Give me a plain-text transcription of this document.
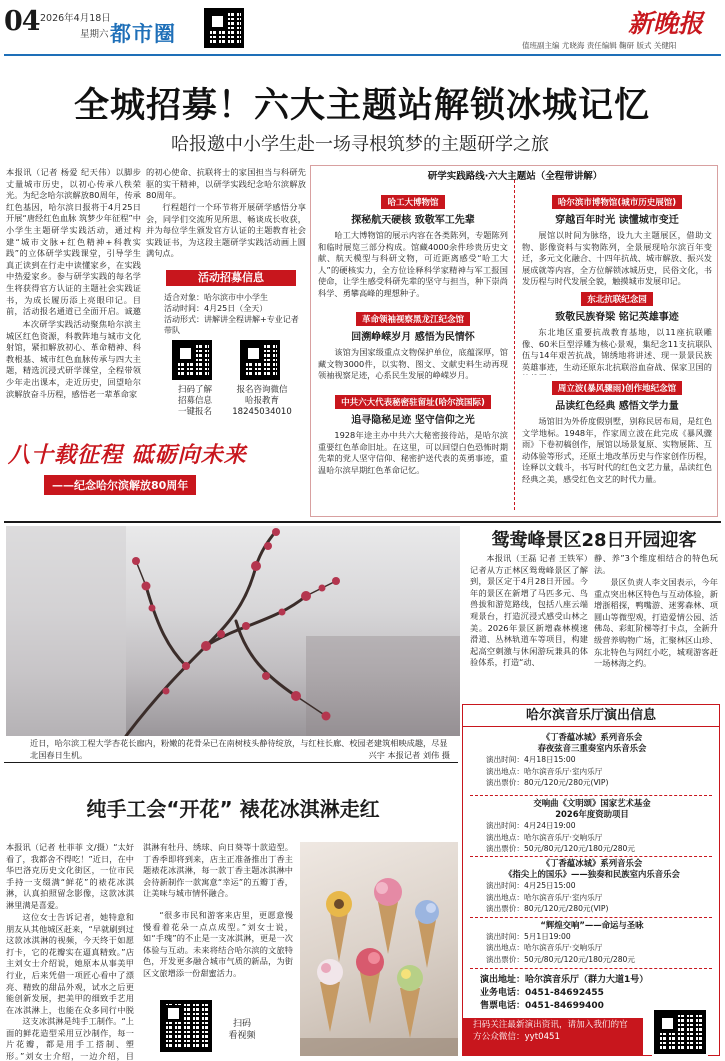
04 2026年4月18日
星期六 都市圈	新晚报
值班副主编 尤晓海 责任编辑 鞠研 版式 关健阳
全城招募！六大主题站解锁冰城记忆
哈报邀中小学生赴一场寻根筑梦的主题研学之旅
本报讯（记者 杨爱 纪天伟）以脚步丈量城市历史，以初心传承八秩荣光。为纪念哈尔滨解放80周年，传承红色基因，哈尔滨日报将于4月25日开展“唐经红色血脉 筑梦少年征程”中小学生主题研学实践活动，通过构建“城市文脉+红色精神+科教实践”的立体研学实践课堂，引导学生真正读到在行走中读懂家乡，在实践中热爱家乡。参与研学实践的每名学生将获得官方认证的主题社会实践证书，为成长履历添上亮眼印记。目前，活动报名通道已全面开启。诚邀
本次研学实践活动聚焦哈尔滨主城区红色资源，科教阵地与城市文化射馆，紧扣解放初心、革命精神、科教根基、城市红色血脉传承与四大主题，精选沉浸式研学课堂，全程带领少年走出课本，走近历史，回望哈尔滨解放奋斗历程，感悟老一辈革命家
的初心使命、抗联将士的家国担当与科研先驱的实干精神，以研学实践纪念哈尔滨解放80周年。
行程超行一个环节将开展研学感悟分享会，同学们交流所见所思、畅谈成长收获，并为每位学生颁发官方认证的主题教育社会实践证书，为这段主题研学实践活动画上圆满句点。
活动招募信息
适合对象：哈尔滨市中小学生
活动时间：4月25日（全天）
活动形式：讲解讲全程讲解+专业记者带队
扫码了解
招募信息
一键报名
报名咨询微信
哈报教育
18245034010
研学实践路线·六大主题站（全程带讲解）
哈工大博物馆
探秘航天硬核 致敬军工先辈
哈工大博物馆的展示内容在各类陈列，专题陈列和临时展览三部分构成。馆藏4000余件珍贵历史文献、航天模型与科研文物，可近距离感受“哈工大人”的硬核实力，全方位诠释科学家精神与军工报国使命，让学生感受科研先辈的坚守与担当，种下崇尚科学、勇攀高峰的理想种子。
革命领袖视察黑龙江纪念馆
回溯峥嵘岁月 感悟为民情怀
该馆为国家级重点文物保护单位，底蕴深厚，馆藏文物3000件，以实物、图文、文献史料生动再现领袖视察足迹，心系民生发展的峥嵘岁月。
中共六大代表秘密驻留址(哈尔滨国际)
追寻隐秘足迹 坚守信仰之光
1928年途主办中共六大秘密接待站，是哈尔滨重要红色革命旧址。在这里，可以回望白色恐怖时期先辈的党人坚守信仰、秘密护送代表的英勇事迹，重温哈尔滨早期红色革命记忆。
哈尔滨市博物馆(城市历史展馆)
穿越百年时光 读懂城市变迁
展馆以时间为脉络，设九大主题展区，借助文物、影像资料与实物陈列，全景展现哈尔滨百年变迁，多元文化融合、十四年抗战、城市解放、振兴发展成就等内容，全方位解锁冰城历史，民俗文化，书发历程与时代发展全貌，触摸城市发展印记。
东北抗联纪念园
致敬民族脊梁 铭记英雄事迹
东北地区重要抗战教育基地，以11座抗联雕像、60米巨型浮雕为核心景观，集纪念11支抗联队伍与14年艰苦抗战，锦绣地将讲述、现一景景民族英雄事迹，生动还原东北抗联浴血奋战、保家卫国的
周立波(暴风骤雨)创作地纪念馆
品读红色经典 感悟文学力量
场馆旧为外侨度假别墅，别称民居布局，是红色文学地标。1948年，作家周立波在此完成《暴风骤雨》下卷初稿创作，展馆以场景复原、实物展陈、互动体验等形式，还原土地改革历史与作家创作历程，诠释以文载斗，书写时代的红色文艺力量，品读红色经典之美，感受红色文艺的时代力量。
八十载征程 砥砺向未来
——纪念哈尔滨解放80周年
近日，哈尔滨工程大学杏花长廊内，粉嫩的花骨朵已在南树枝头静待绽放，与红柱长廊、校园老建筑相映成趣，尽显北国春日生机。	兴宇 本报记者 刘伟 摄
鸳鸯峰景区28日开园迎客
本报讯（王磊 记者 王铁军）记者从方正林区鸳鸯峰景区了解到，景区定于4月28日开园。今年的景区在新增了马匹多元、鸟兽拔和游览路线，包括八座云端观景台，打造沉浸式感受山林之美。2026年景区新增森林模速滑道、丛林轨道车等项目，构建起高空刺激与休闲游玩兼具的体验体系，打造“动、
静、养”3个维度相结合的特色玩法。
景区负责人李文国表示，今年重点突出林区特色与互动体验，新增浙稻探，鸭嘴游、迷雾森林、项圆山等微型观，打造爱情公园、活佛岛、彩虹阶梯等打卡点，全新升级营养购物广场，汇聚林区山珍、东北特色与网红小吃，城观游客赶一场林海之约。
哈尔滨音乐厅演出信息
《丁香蕴冰城》系列音乐会
春夜弦音三重奏室内乐音乐会
演出时间：4月18日15:00
演出地点：哈尔滨音乐厅·室内乐厅
演出票价：80元/120元/280元(VIP)
交响曲《文明颂》国家艺术基金
2026年度资助项目
演出时间：4月24日19:00
演出地点：哈尔滨音乐厅·交响乐厅
演出票价：50元/80元/120元/180元/280元
《丁香蕴冰城》系列音乐会
《指尖上的国乐》——独奏和民族室内乐音乐会
演出时间：4月25日15:00
演出地点：哈尔滨音乐厅·室内乐厅
演出票价：80元/120元/280元(VIP)
“辉煌交响”——命运与圣咏
演出时间：5月1日19:00
演出地点：哈尔滨音乐厅·交响乐厅
演出票价：50元/80元/120元/180元/280元
演出地址：哈尔滨音乐厅（群力大道1号）
业务电话：0451-84692455
售票电话：0451-84699400
扫码关注最新演出资讯，请加入我们的官方公众微信：yyt0451
纯手工会“开花” 裱花冰淇淋走红
本报讯（记者 杜菲菲 文/摄）“太好看了，我都舍不得吃！”近日，在中华巴洛克历史文化街区，一位市民手持一支缀满“鲜花”的裱花冰淇淋，认真拍照留念影像，这款冰淇淋里满是喜爱。
这位女士告诉记者，她特意和朋友从其他城区赶来，“早就刷到过这款冰淇淋的视频，今天终于如愿打卡，它的花瓣实在逼真精致。”店主刘女士介绍说，她原本从事美甲行业，后来凭借一项匠心看中了漂亮、精致的甜品外观，试水之后更能创新发展，把美甲的细致手艺用在冰淇淋上，也能在众多同行中脱
这支冰淇淋是纯手工制作。“上面的鲜花造型采用豆沙制作，每一片花瓣，都是用手工搭制、塑形。”刘女士介绍，一边介绍，目
淇淋有牡丹、绣球、向日葵等十款造型。丁香季即将到来，店主正准备推出丁香主题裱花冰淇淋，每一款丁香主题冰淇淋中会待新制作一款寓意“幸运”的五瓣丁香，让美味与城市情怀融合。
“很多市民和游客来店里，更愿意慢慢看着花朵一点点成型。”刘女士说，如“手瑰”的不止是一支冰淇淋，更是一次体验与互动。未来将结合哈尔滨的文旅特色，开发更多融合城市气质的新品，为街区文旅增添一份甜蜜活力。
扫码
看视频
